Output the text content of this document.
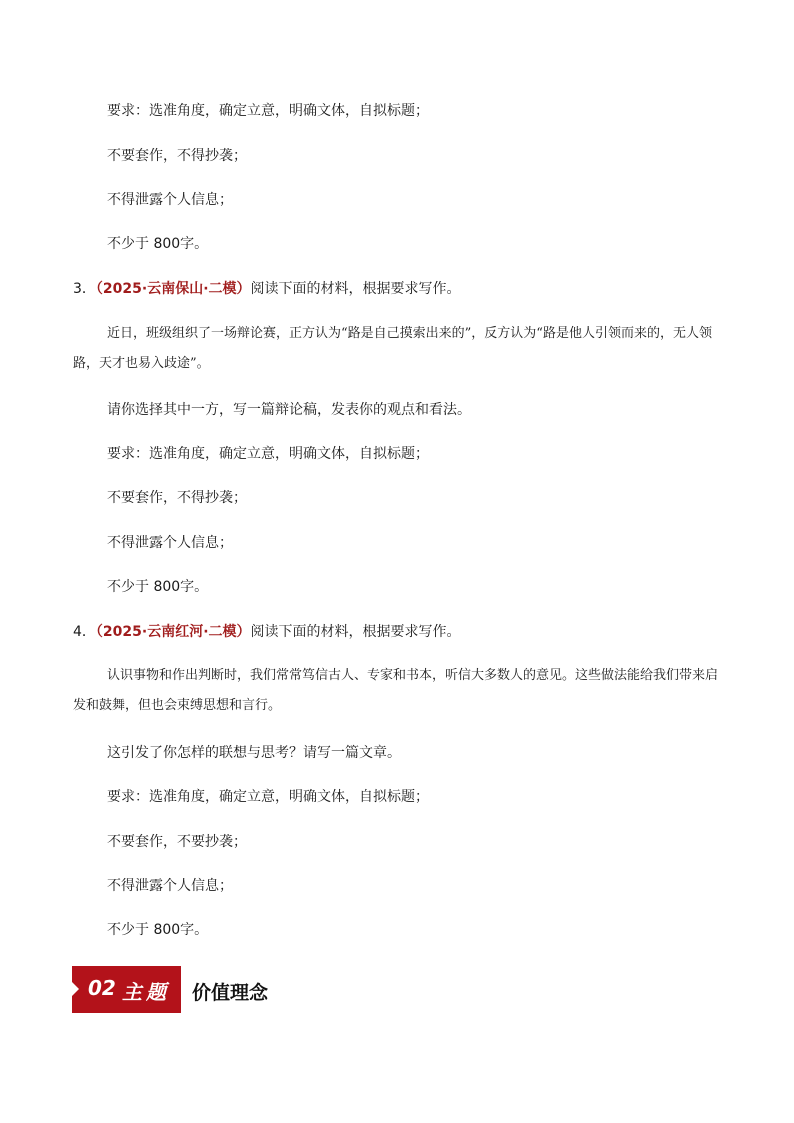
要求：选准角度，确定立意，明确文体，自拟标题；
不要套作，不得抄袭；
不得泄露个人信息；
不少于 800字。
3．（2025·云南保山·二模）阅读下面的材料，根据要求写作。
近日，班级组织了一场辩论赛，正方认为“路是自己摸索出来的”，反方认为“路是他人引领而来的，无人领路，天才也易入歧途”。
请你选择其中一方，写一篇辩论稿，发表你的观点和看法。
要求：选准角度，确定立意，明确文体，自拟标题；
不要套作，不得抄袭；
不得泄露个人信息；
不少于 800字。
4．（2025·云南红河·二模）阅读下面的材料，根据要求写作。
认识事物和作出判断时，我们常常笃信古人、专家和书本，听信大多数人的意见。这些做法能给我们带来启发和鼓舞，但也会束缚思想和言行。
这引发了你怎样的联想与思考？请写一篇文章。
要求：选准角度，确定立意，明确文体，自拟标题；
不要套作，不要抄袭；
不得泄露个人信息；
不少于 800字。
02 主题 价值理念
